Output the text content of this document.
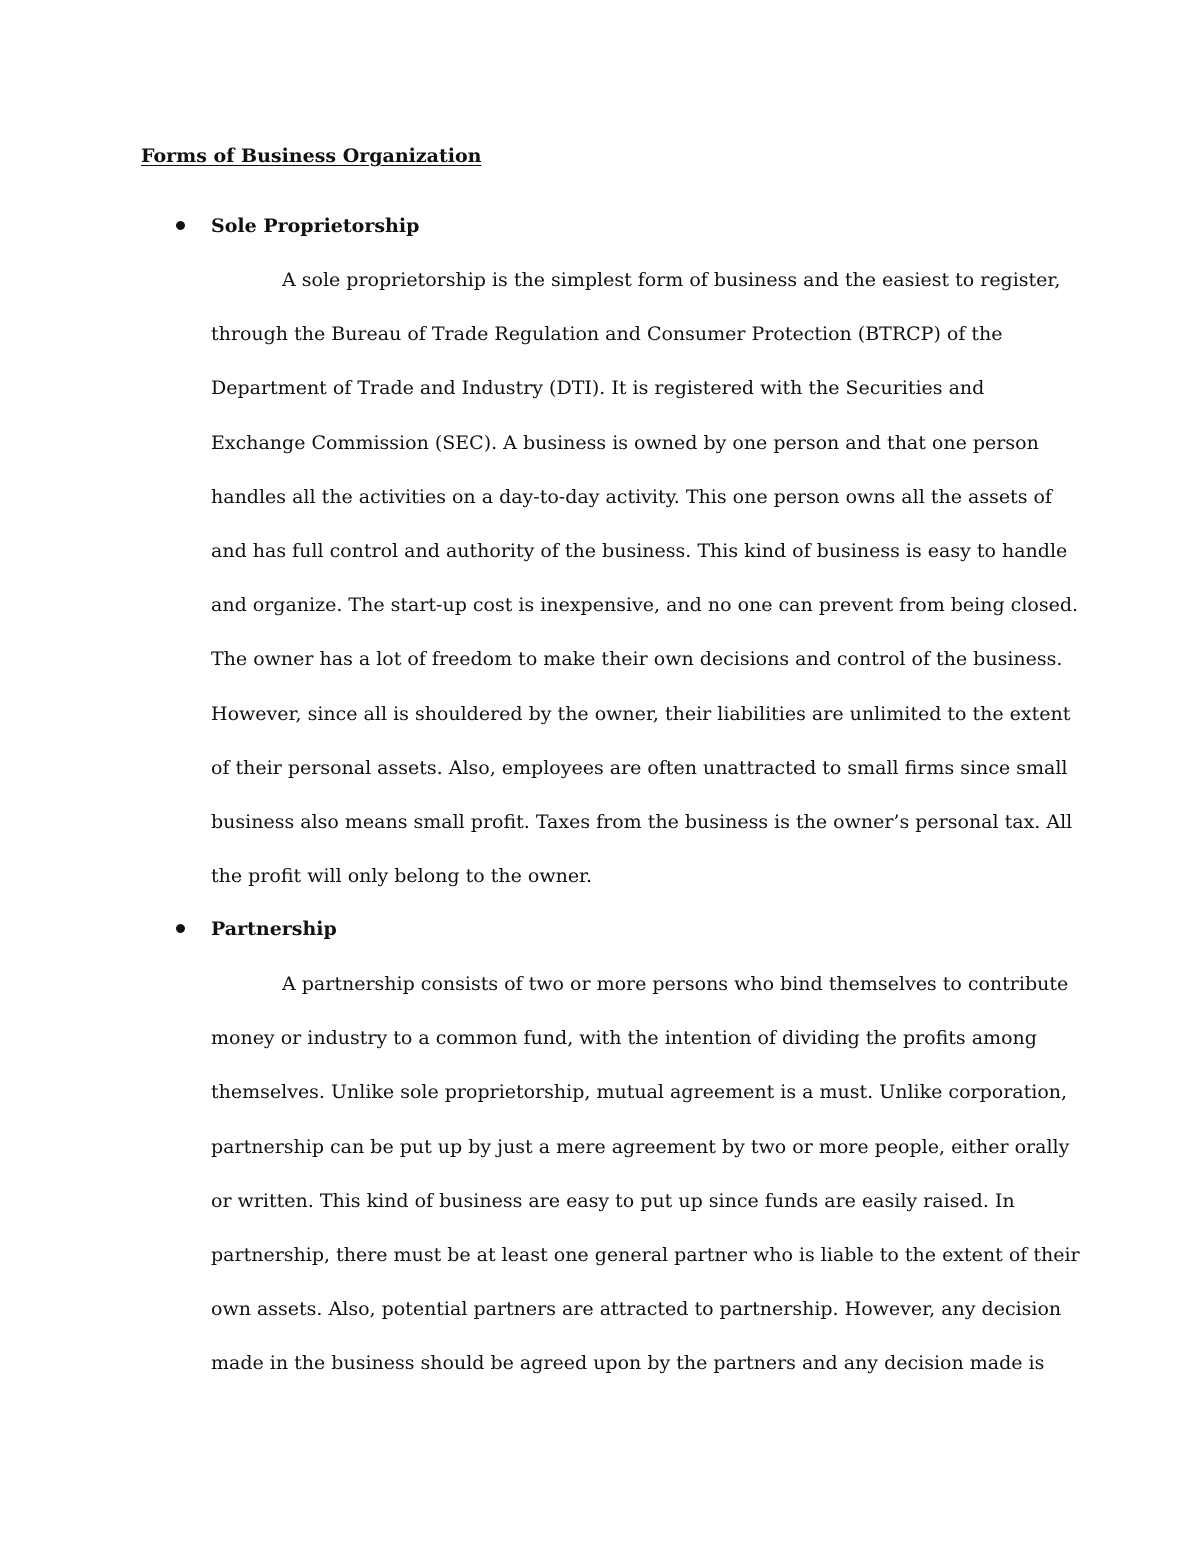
Forms of Business Organization
Sole Proprietorship
A sole proprietorship is the simplest form of business and the easiest to register,
through the Bureau of Trade Regulation and Consumer Protection (BTRCP) of the
Department of Trade and Industry (DTI). It is registered with the Securities and
Exchange Commission (SEC). A business is owned by one person and that one person
handles all the activities on a day-to-day activity. This one person owns all the assets of
and has full control and authority of the business. This kind of business is easy to handle
and organize. The start-up cost is inexpensive, and no one can prevent from being closed.
The owner has a lot of freedom to make their own decisions and control of the business.
However, since all is shouldered by the owner, their liabilities are unlimited to the extent
of their personal assets. Also, employees are often unattracted to small firms since small
business also means small profit. Taxes from the business is the owner’s personal tax. All
the profit will only belong to the owner.
Partnership
A partnership consists of two or more persons who bind themselves to contribute
money or industry to a common fund, with the intention of dividing the profits among
themselves. Unlike sole proprietorship, mutual agreement is a must. Unlike corporation,
partnership can be put up by just a mere agreement by two or more people, either orally
or written. This kind of business are easy to put up since funds are easily raised. In
partnership, there must be at least one general partner who is liable to the extent of their
own assets. Also, potential partners are attracted to partnership. However, any decision
made in the business should be agreed upon by the partners and any decision made is
